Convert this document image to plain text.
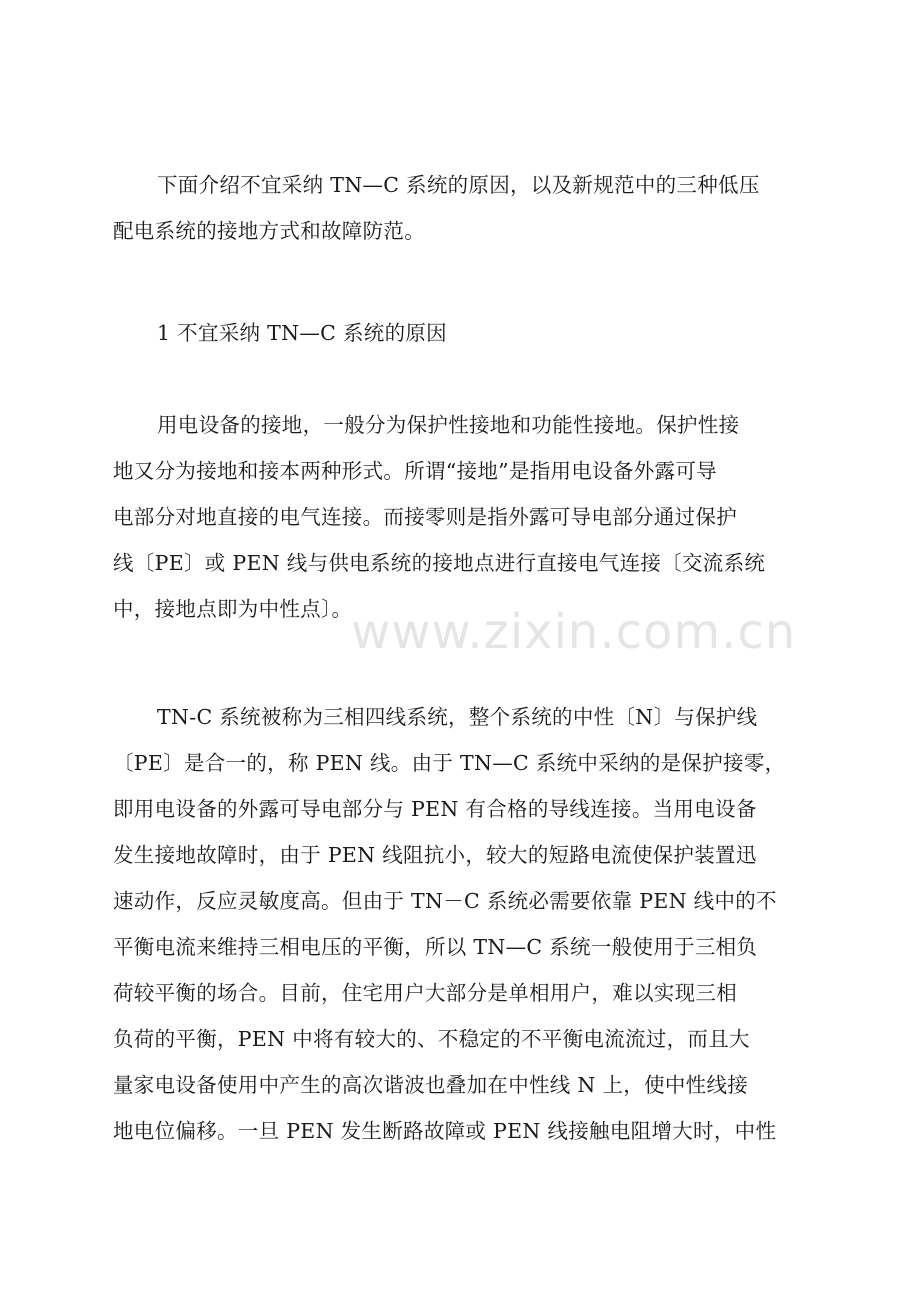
下面介绍不宜采纳 TN—C 系统的原因，以及新规范中的三种低压
配电系统的接地方式和故障防范。
1 不宜采纳 TN—C 系统的原因
用电设备的接地，一般分为保护性接地和功能性接地。保护性接
地又分为接地和接本两种形式。所谓“接地”是指用电设备外露可导
电部分对地直接的电气连接。而接零则是指外露可导电部分通过保护
线〔PE〕或 PEN 线与供电系统的接地点进行直接电气连接〔交流系统
中，接地点即为中性点〕。
TN-C 系统被称为三相四线系统，整个系统的中性〔N〕与保护线
〔PE〕是合一的，称 PEN 线。由于 TN—C 系统中采纳的是保护接零，
即用电设备的外露可导电部分与 PEN 有合格的导线连接。当用电设备
发生接地故障时，由于 PEN 线阻抗小，较大的短路电流使保护装置迅
速动作，反应灵敏度高。但由于 TN－C 系统必需要依靠 PEN 线中的不
平衡电流来维持三相电压的平衡，所以 TN—C 系统一般使用于三相负
荷较平衡的场合。目前，住宅用户大部分是单相用户，难以实现三相
负荷的平衡，PEN 中将有较大的、不稳定的不平衡电流流过，而且大
量家电设备使用中产生的高次谐波也叠加在中性线 N 上，使中性线接
地电位偏移。一旦 PEN 发生断路故障或 PEN 线接触电阻增大时，中性
www.zixin.com.cn
